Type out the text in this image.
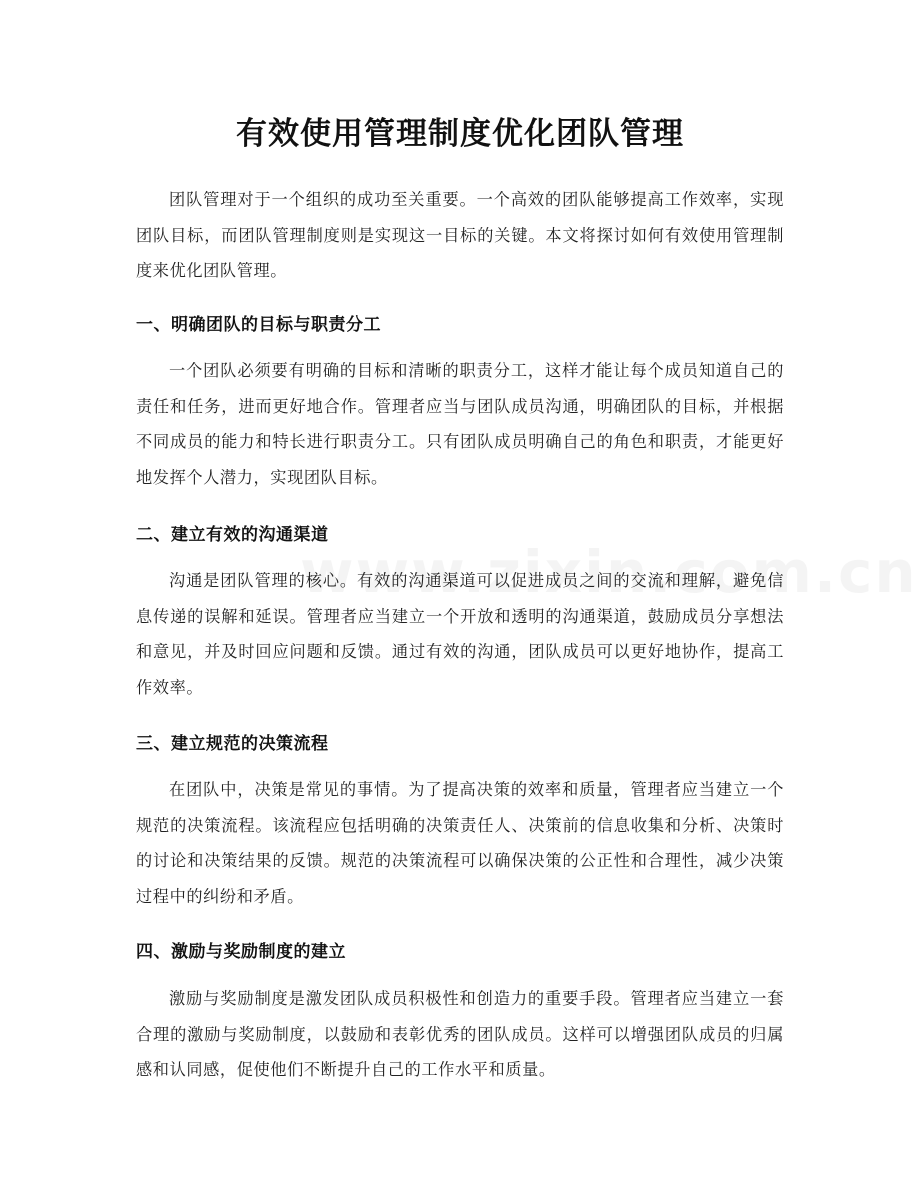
有效使用管理制度优化团队管理

团队管理对于一个组织的成功至关重要。一个高效的团队能够提高工作效率，实现团队目标，而团队管理制度则是实现这一目标的关键。本文将探讨如何有效使用管理制度来优化团队管理。

一、明确团队的目标与职责分工

一个团队必须要有明确的目标和清晰的职责分工，这样才能让每个成员知道自己的责任和任务，进而更好地合作。管理者应当与团队成员沟通，明确团队的目标，并根据不同成员的能力和特长进行职责分工。只有团队成员明确自己的角色和职责，才能更好地发挥个人潜力，实现团队目标。

二、建立有效的沟通渠道

沟通是团队管理的核心。有效的沟通渠道可以促进成员之间的交流和理解，避免信息传递的误解和延误。管理者应当建立一个开放和透明的沟通渠道，鼓励成员分享想法和意见，并及时回应问题和反馈。通过有效的沟通，团队成员可以更好地协作，提高工作效率。

三、建立规范的决策流程

在团队中，决策是常见的事情。为了提高决策的效率和质量，管理者应当建立一个规范的决策流程。该流程应包括明确的决策责任人、决策前的信息收集和分析、决策时的讨论和决策结果的反馈。规范的决策流程可以确保决策的公正性和合理性，减少决策过程中的纠纷和矛盾。

四、激励与奖励制度的建立

激励与奖励制度是激发团队成员积极性和创造力的重要手段。管理者应当建立一套合理的激励与奖励制度，以鼓励和表彰优秀的团队成员。这样可以增强团队成员的归属感和认同感，促使他们不断提升自己的工作水平和质量。
